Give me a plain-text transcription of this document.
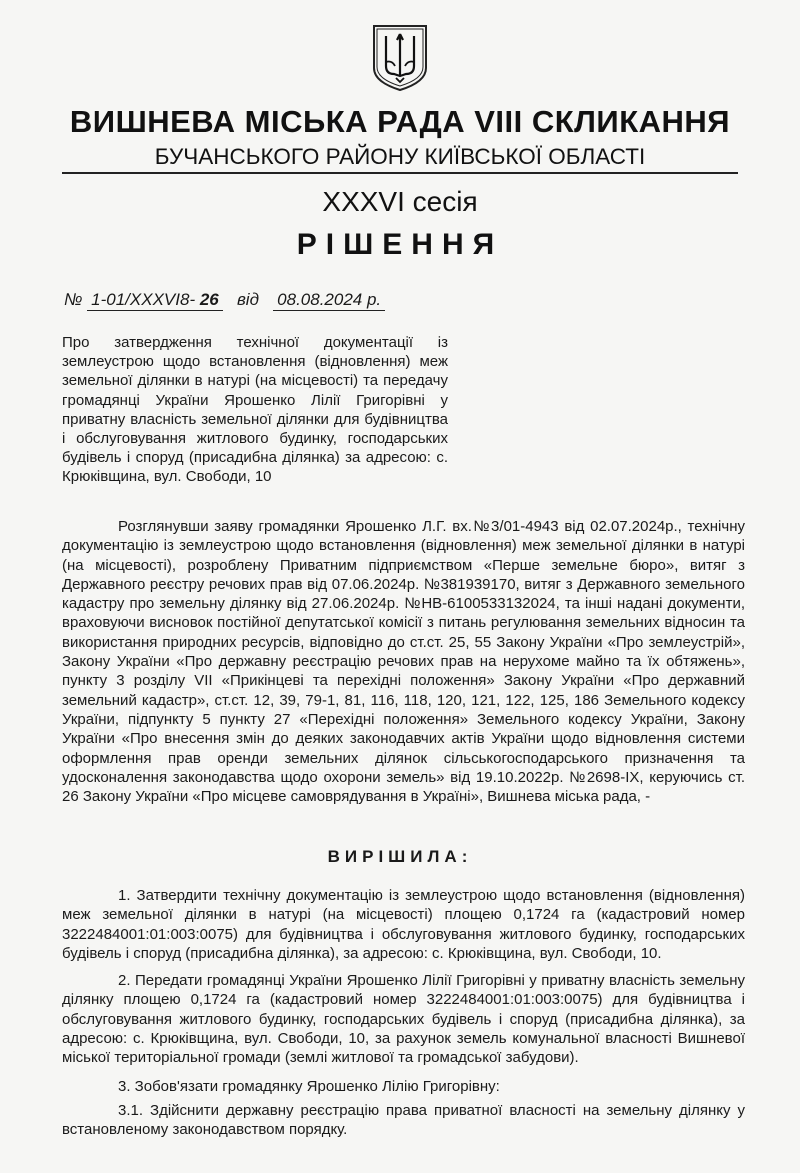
ВИШНЕВА МІСЬКА РАДА VIII СКЛИКАННЯ
БУЧАНСЬКОГО РАЙОНУ КИЇВСЬКОЇ ОБЛАСТІ
XXXVI сесія
РІШЕННЯ
№ 1-01/XXXVI8- 26 від 08.08.2024 р.
Про затвердження технічної документації із землеустрою щодо встановлення (відновлення) меж земельної ділянки в натурі (на місцевості) та передачу громадянці України Ярошенко Лілії Григорівні у приватну власність земельної ділянки для будівництва і обслуговування житлового будинку, господарських будівель і споруд (присадибна ділянка) за адресою: с. Крюківщина, вул. Свободи, 10
Розглянувши заяву громадянки Ярошенко Л.Г. вх.№3/01-4943 від 02.07.2024р., технічну документацію із землеустрою щодо встановлення (відновлення) меж земельної ділянки в натурі (на місцевості), розроблену Приватним підприємством «Перше земельне бюро», витяг з Державного реєстру речових прав від 07.06.2024р. №381939170, витяг з Державного земельного кадастру про земельну ділянку від 27.06.2024р. №НВ-6100533132024, та інші надані документи, враховуючи висновок постійної депутатської комісії з питань регулювання земельних відносин та використання природних ресурсів, відповідно до ст.ст. 25, 55 Закону України «Про землеустрій», Закону України «Про державну реєстрацію речових прав на нерухоме майно та їх обтяжень», пункту 3 розділу VII «Прикінцеві та перехідні положення» Закону України «Про державний земельний кадастр», ст.ст. 12, 39, 79-1, 81, 116, 118, 120, 121, 122, 125, 186 Земельного кодексу України, підпункту 5 пункту 27 «Перехідні положення» Земельного кодексу України, Закону України «Про внесення змін до деяких законодавчих актів України щодо відновлення системи оформлення прав оренди земельних ділянок сільськогосподарського призначення та удосконалення законодавства щодо охорони земель» від 19.10.2022р. №2698-IX, керуючись ст. 26 Закону України «Про місцеве самоврядування в Україні», Вишнева міська рада, -
ВИРІШИЛА:
1. Затвердити технічну документацію із землеустрою щодо встановлення (відновлення) меж земельної ділянки в натурі (на місцевості) площею 0,1724 га (кадастровий номер 3222484001:01:003:0075) для будівництва і обслуговування житлового будинку, господарських будівель і споруд (присадибна ділянка), за адресою: с. Крюківщина, вул. Свободи, 10.
2. Передати громадянці України Ярошенко Лілії Григорівні у приватну власність земельну ділянку площею 0,1724 га (кадастровий номер 3222484001:01:003:0075) для будівництва і обслуговування житлового будинку, господарських будівель і споруд (присадибна ділянка), за адресою: с. Крюківщина, вул. Свободи, 10, за рахунок земель комунальної власності Вишневої міської територіальної громади (землі житлової та громадської забудови).
3. Зобов'язати громадянку Ярошенко Лілію Григорівну:
3.1. Здійснити державну реєстрацію права приватної власності на земельну ділянку у встановленому законодавством порядку.
